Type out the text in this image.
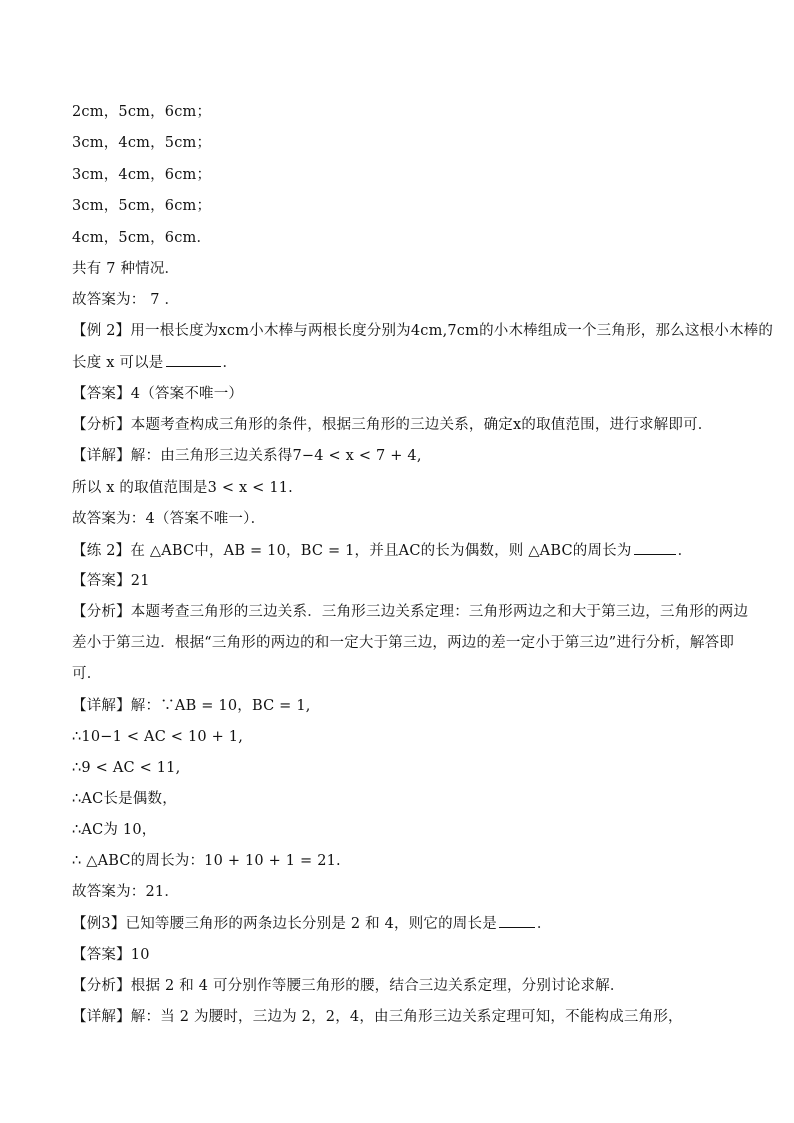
2cm，5cm，6cm；
3cm，4cm，5cm；
3cm，4cm，6cm；
3cm，5cm，6cm；
4cm，5cm，6cm．
共有 7 种情况．
故答案为： 7 ．
【例 2】用一根长度为xcm小木棒与两根长度分别为4cm,7cm的小木棒组成一个三角形，那么这根小木棒的
长度 x 可以是	．
【答案】4（答案不唯一）
【分析】本题考查构成三角形的条件，根据三角形的三边关系，确定x的取值范围，进行求解即可．
【详解】解：由三角形三边关系得7−4 < x < 7 + 4,
所以 x 的取值范围是3 < x < 11.
故答案为：4（答案不唯一）．
【练 2】在 △ABC中，AB = 10，BC = 1，并且AC的长为偶数，则 △ABC的周长为	．
【答案】21
【分析】本题考查三角形的三边关系．三角形三边关系定理：三角形两边之和大于第三边，三角形的两边
差小于第三边．根据“三角形的两边的和一定大于第三边，两边的差一定小于第三边”进行分析，解答即
可．
【详解】解：∵AB = 10，BC = 1,
∴10−1 < AC < 10 + 1,
∴9 < AC < 11,
∴AC长是偶数，
∴AC为 10，
∴ △ABC的周长为：10 + 10 + 1 = 21.
故答案为：21．
【例3】已知等腰三角形的两条边长分别是 2 和 4，则它的周长是	．
【答案】10
【分析】根据 2 和 4 可分别作等腰三角形的腰，结合三边关系定理，分别讨论求解．
【详解】解：当 2 为腰时，三边为 2，2，4，由三角形三边关系定理可知，不能构成三角形，
